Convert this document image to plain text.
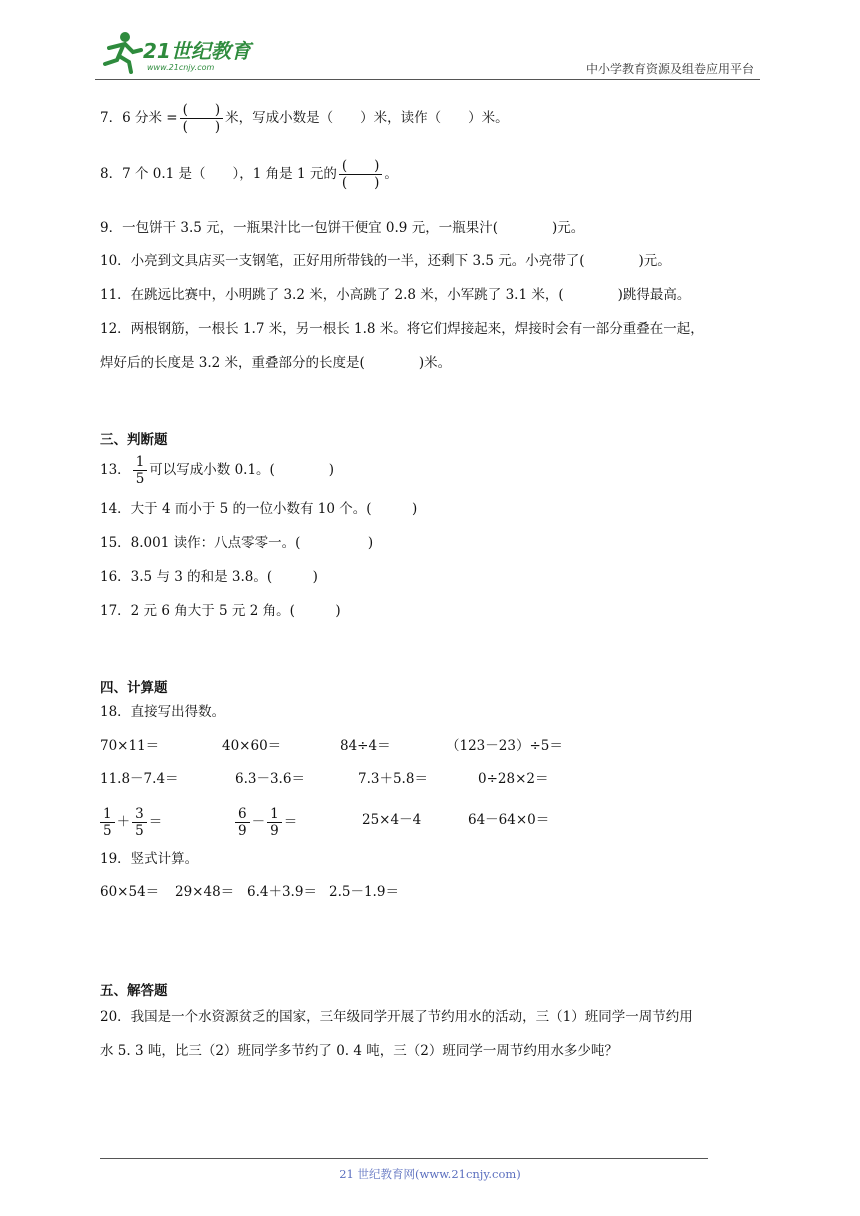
21世纪教育
www.21cnjy.com	中小学教育资源及组卷应用平台
7．6 分米 = $\frac{( )}{( )}$ 米，写成小数是（　　）米，读作（　　）米。
8．7 个 0.1 是（　　），1 角是 1 元的 $\frac{( )}{( )}$ 。
9．一包饼干 3.5 元，一瓶果汁比一包饼干便宜 0.9 元，一瓶果汁(　　　　)元。
10．小亮到文具店买一支钢笔，正好用所带钱的一半，还剩下 3.5 元。小亮带了(　　　　)元。
11．在跳远比赛中，小明跳了 3.2 米，小高跳了 2.8 米，小军跳了 3.1 米，(　　　　)跳得最高。
12．两根钢筋，一根长 1.7 米，另一根长 1.8 米。将它们焊接起来，焊接时会有一部分重叠在一起，
焊好后的长度是 3.2 米，重叠部分的长度是(　　　　)米。
三、判断题
13． $\frac{1}{5}$ 可以写成小数 0.1。(　　　　)
14．大于 4 而小于 5 的一位小数有 10 个。(　　　)
15．8.001 读作：八点零零一。(　　　　　)
16．3.5 与 3 的和是 3.8。(　　　)
17．2 元 6 角大于 5 元 2 角。(　　　)
四、计算题
18．直接写出得数。
70×11＝	40×60＝	84÷4＝	（123－23）÷5＝
11.8－7.4＝	6.3－3.6＝	7.3＋5.8＝	0÷28×2＝
$\frac{1}{5} + \frac{3}{5}$ ＝	$\frac{6}{9} - \frac{1}{9}$ ＝	25×4－4	64－64×0＝
19．竖式计算。
60×54＝ 29×48＝ 6.4＋3.9＝ 2.5－1.9＝
五、解答题
20．我国是一个水资源贫乏的国家，三年级同学开展了节约用水的活动，三（1）班同学一周节约用
水 5. 3 吨，比三（2）班同学多节约了 0. 4 吨，三（2）班同学一周节约用水多少吨？
21 世纪教育网(www.21cnjy.com)
